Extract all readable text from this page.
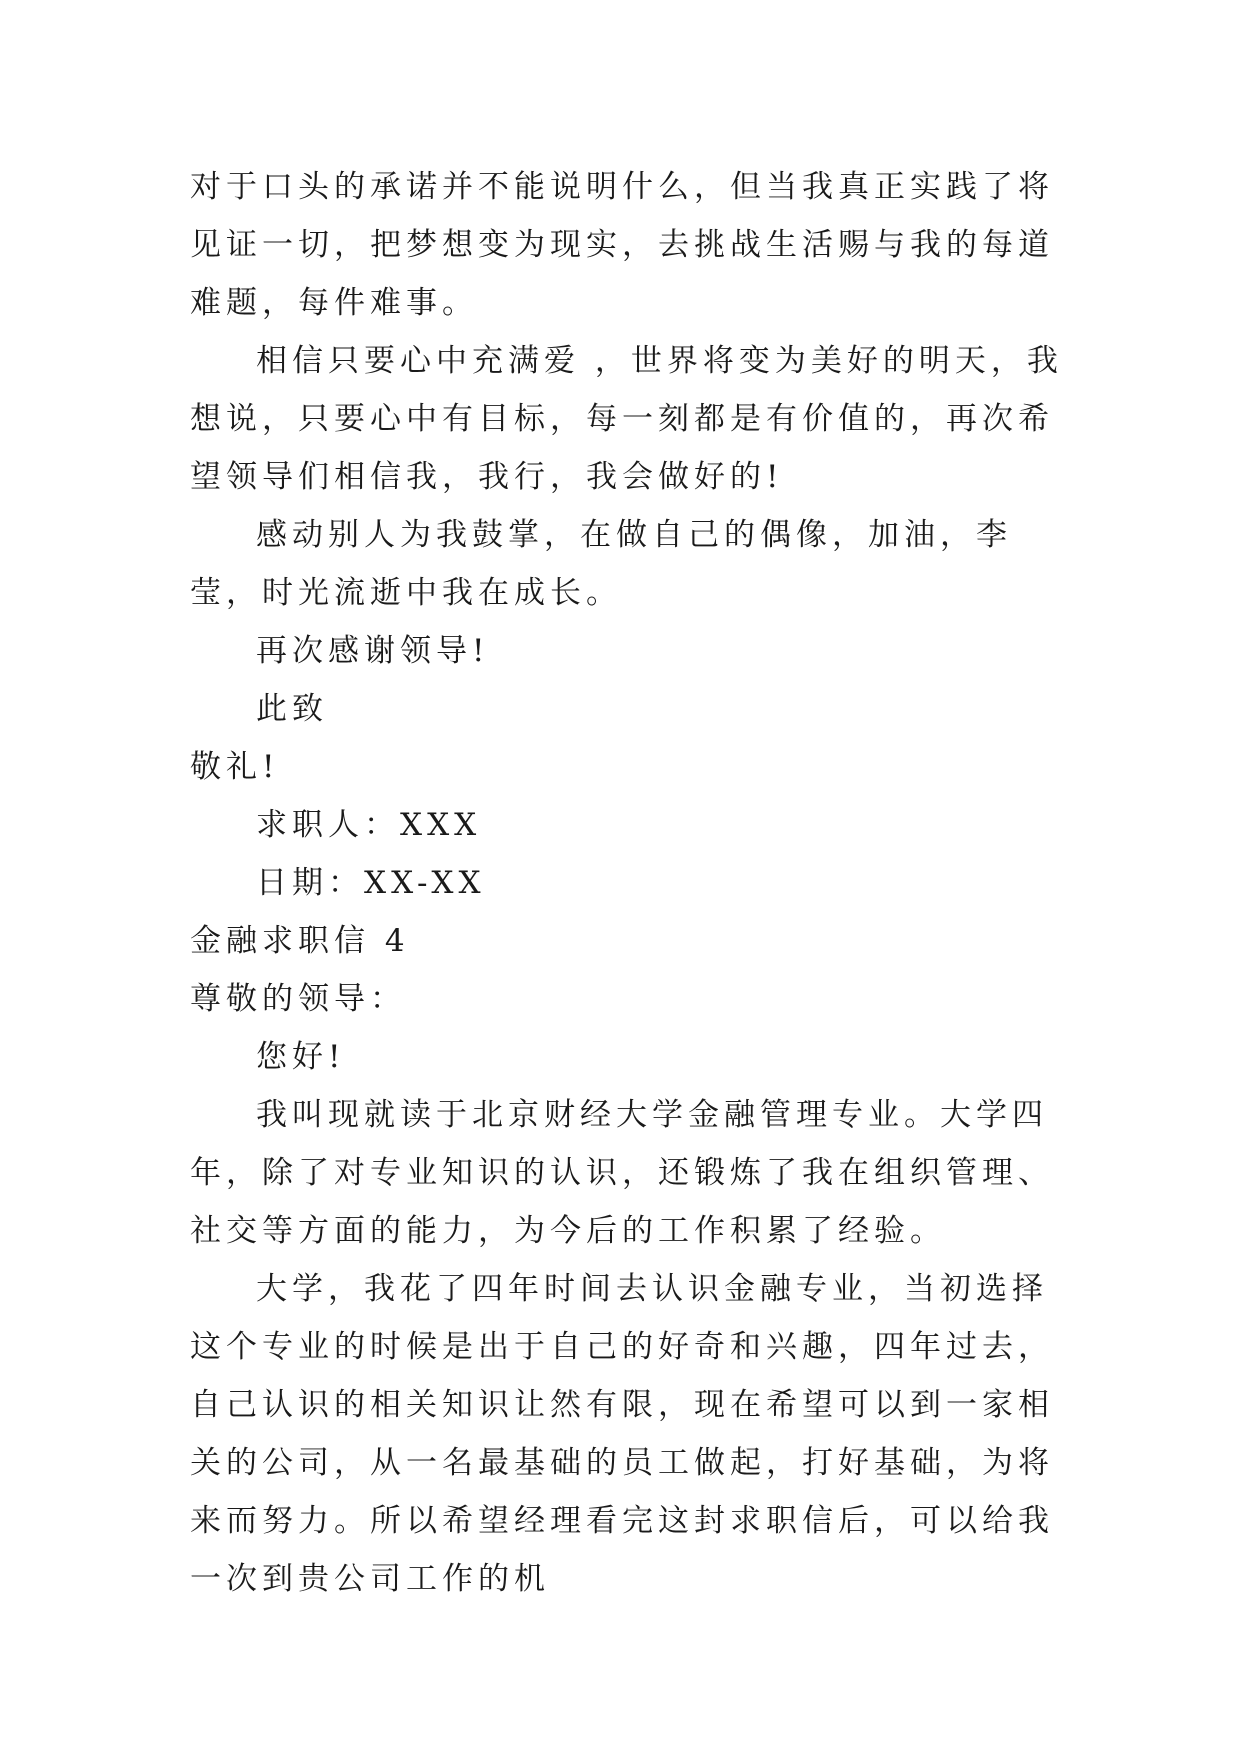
对于口头的承诺并不能说明什么，但当我真正实践了将见证一切，把梦想变为现实，去挑战生活赐与我的每道难题，每件难事。

相信只要心中充满爱 ，世界将变为美好的明天，我想说，只要心中有目标，每一刻都是有价值的，再次希望领导们相信我，我行，我会做好的!

感动别人为我鼓掌，在做自己的偶像，加油，李莹，时光流逝中我在成长。

再次感谢领导!

此致

敬礼!

求职人：XXX

日期：XX-XX

金融求职信 4

尊敬的领导：

您好!

我叫现就读于北京财经大学金融管理专业。大学四年，除了对专业知识的认识，还锻炼了我在组织管理、社交等方面的能力，为今后的工作积累了经验。

大学，我花了四年时间去认识金融专业，当初选择这个专业的时候是出于自己的好奇和兴趣，四年过去，自己认识的相关知识让然有限，现在希望可以到一家相关的公司，从一名最基础的员工做起，打好基础，为将来而努力。所以希望经理看完这封求职信后，可以给我一次到贵公司工作的机
